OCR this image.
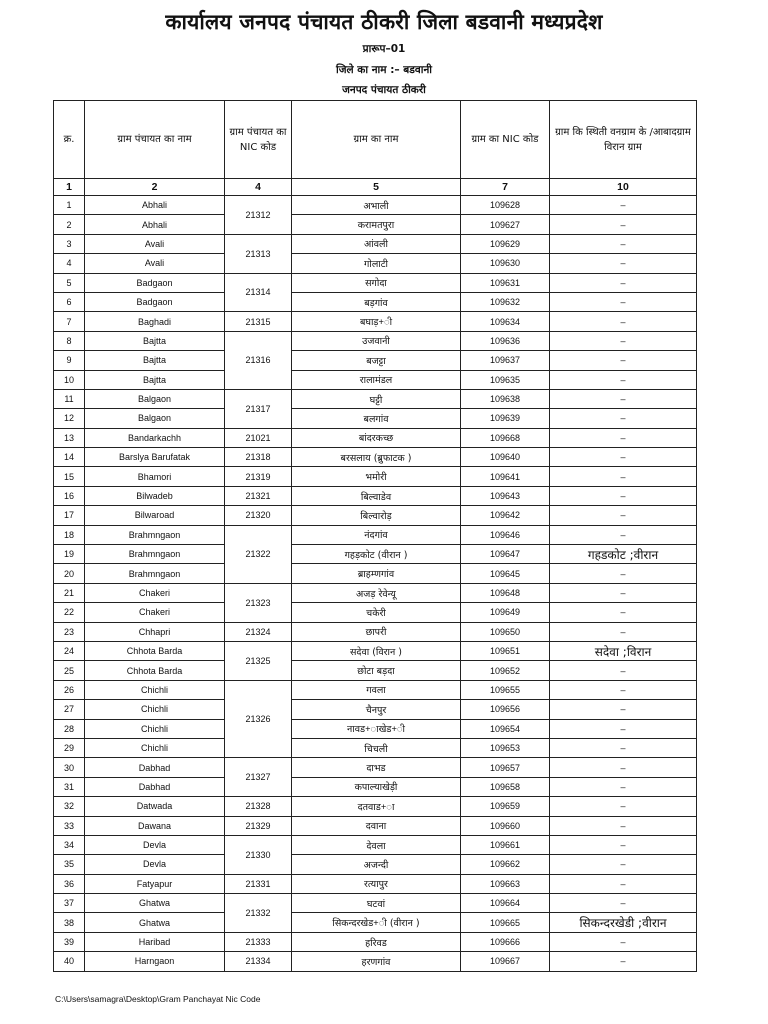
कार्यालय जनपद पंचायत ठीकरी जिला बडवानी मध्यप्रदेश
प्रारूप–01
जिले का नाम :– बडवानी
जनपद पंचायत ठीकरी
क्र.	ग्राम पंचायत का नाम	ग्राम पंचायत का NIC कोड	ग्राम का नाम	ग्राम का NIC कोड	ग्राम कि स्थिती वनग्राम के /आबादग्राम विरान ग्राम
1	2	4	5	7	10
1	Abhali	21312	अभाली	109628	–
2	Abhali		करामतपुरा	109627	–
3	Avali	21313	आंवली	109629	–
4	Avali		गोलाटी	109630	–
5	Badgaon	21314	सगोदा	109631	–
6	Badgaon		बड़गांव	109632	–
7	Baghadi	21315	बघाड़+ी	109634	–
8	Bajtta	21316	उजवानी	109636	–
9	Bajtta		बजट्टा	109637	–
10	Bajtta		रालामंडल	109635	–
11	Balgaon	21317	घट्टी	109638	–
12	Balgaon		बलगांव	109639	–
13	Bandarkachh	21021	बांदरकच्छ	109668	–
14	Barslya Barufatak	21318	बरसलाय (ब्रुफाटक )	109640	–
15	Bhamori	21319	भमोरी	109641	–
16	Bilwadeb	21321	बिल्वाडेव	109643	–
17	Bilwaroad	21320	बिल्वारोड़	109642	–
18	Brahmngaon	21322	नंदगांव	109646	–
19	Brahmngaon		गहड़कोट (वीरान )	109647	गहडकोट ;वीरान
20	Brahmngaon		ब्राहम्णगांव	109645	–
21	Chakeri	21323	अजड़ रेवेन्यू	109648	–
22	Chakeri		चकेरी	109649	–
23	Chhapri	21324	छापरी	109650	–
24	Chhota Barda	21325	सदेवा (विरान )	109651	सदेवा ;विरान
25	Chhota Barda		छोटा बड़दा	109652	–
26	Chichli	21326	गवला	109655	–
27	Chichli		चैनपुर	109656	–
28	Chichli		नावड+ाखेड+ी	109654	–
29	Chichli		चिचली	109653	–
30	Dabhad	21327	दाभड	109657	–
31	Dabhad		कपाल्याखेड़ी	109658	–
32	Datwada	21328	दतवाड+ा	109659	–
33	Dawana	21329	दवाना	109660	–
34	Devla	21330	देवला	109661	–
35	Devla		अजन्दी	109662	–
36	Fatyapur	21331	रत्यापुर	109663	–
37	Ghatwa	21332	घटवां	109664	–
38	Ghatwa		सिकन्दरखेड+ी (वीरान )	109665	सिकन्दरखेडी ;वीरान
39	Haribad	21333	हरिवड	109666	–
40	Harngaon	21334	हरणगांव	109667	–
C:\Users\samagra\Desktop\Gram Panchayat Nic Code
